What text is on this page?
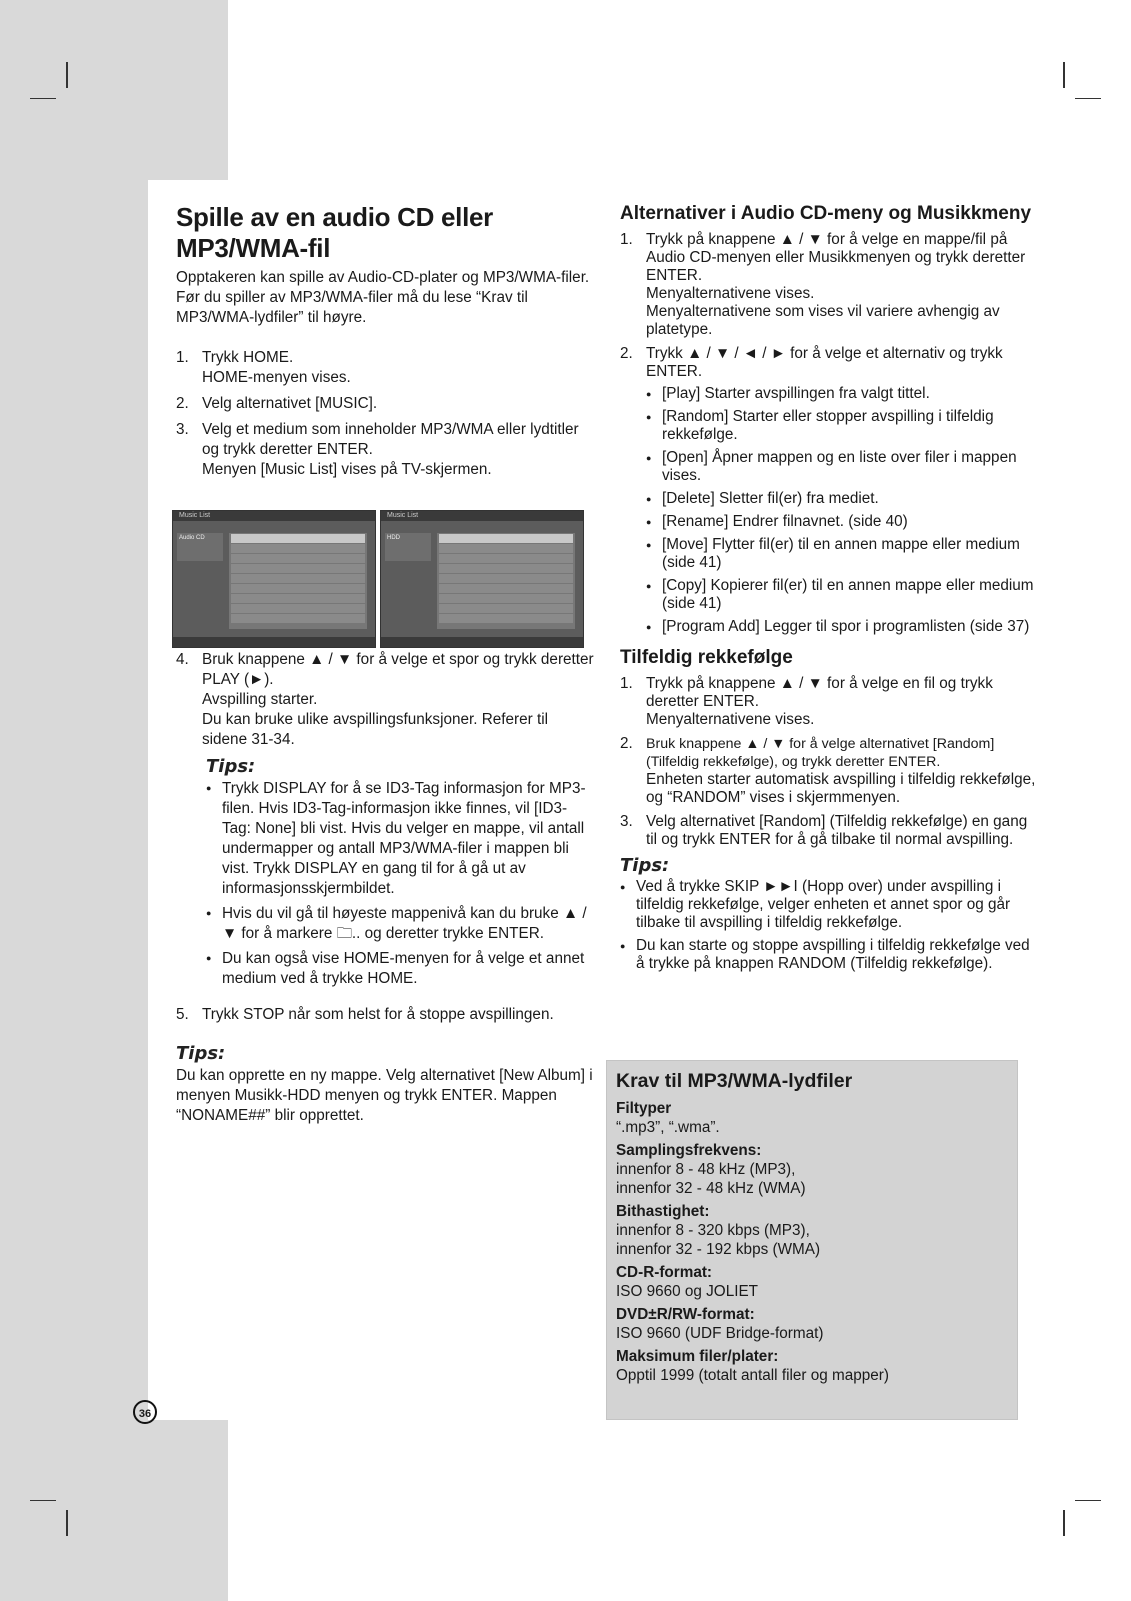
Spille av en audio CD eller MP3/WMA-fil

Opptakeren kan spille av Audio-CD-plater og MP3/WMA-filer.

Før du spiller av MP3/WMA-filer må du lese “Krav til MP3/WMA-lydfiler” til høyre.

1. Trykk HOME.
HOME-menyen vises.
2. Velg alternativet [MUSIC].
3. Velg et medium som inneholder MP3/WMA eller lydtitler og trykk deretter ENTER.
Menyen [Music List] vises på TV-skjermen.
Music List
Audio CD
Music List
HDD
4. Bruk knappene ▲ / ▼ for å velge et spor og trykk deretter PLAY (►).
Avspilling starter.
Du kan bruke ulike avspillingsfunksjoner. Referer til sidene 31-34.
Tips:
● Trykk DISPLAY for å se ID3-Tag informasjon for MP3-filen. Hvis ID3-Tag-informasjon ikke finnes, vil [ID3-Tag: None] bli vist. Hvis du velger en mappe, vil antall undermapper og antall MP3/WMA-filer i mappen bli vist. Trykk DISPLAY en gang til for å gå ut av informasjonsskjermbildet.
● Hvis du vil gå til høyeste mappenivå kan du bruke ▲ / ▼ for å markere 🗀.. og deretter trykke ENTER.
● Du kan også vise HOME-menyen for å velge et annet medium ved å trykke HOME.
5. Trykk STOP når som helst for å stoppe avspillingen.
Tips:

Du kan opprette en ny mappe. Velg alternativet [New Album] i menyen Musikk-HDD menyen og trykk ENTER. Mappen “NONAME##” blir opprettet.

Alternativer i Audio CD-meny og Musikkmeny
1. Trykk på knappene ▲ / ▼ for å velge en mappe/fil på Audio CD-menyen eller Musikkmenyen og trykk deretter ENTER.
Menyalternativene vises.
Menyalternativene som vises vil variere avhengig av platetype.
2. Trykk ▲ / ▼ / ◄ / ► for å velge et alternativ og trykk ENTER.
● [Play] Starter avspillingen fra valgt tittel.
● [Random] Starter eller stopper avspilling i tilfeldig rekkefølge.
● [Open] Åpner mappen og en liste over filer i mappen vises.
● [Delete] Sletter fil(er) fra mediet.
● [Rename] Endrer filnavnet. (side 40)
● [Move] Flytter fil(er) til en annen mappe eller medium (side 41)
● [Copy] Kopierer fil(er) til en annen mappe eller medium (side 41)
● [Program Add] Legger til spor i programlisten (side 37)
Tilfeldig rekkefølge
1. Trykk på knappene ▲ / ▼ for å velge en fil og trykk deretter ENTER.
Menyalternativene vises.
2. Bruk knappene ▲ / ▼ for å velge alternativet [Random] (Tilfeldig rekkefølge), og trykk deretter ENTER.
Enheten starter automatisk avspilling i tilfeldig rekkefølge, og “RANDOM” vises i skjermmenyen.
3. Velg alternativet [Random] (Tilfeldig rekkefølge) en gang til og trykk ENTER for å gå tilbake til normal avspilling.
Tips:
● Ved å trykke SKIP ►►I (Hopp over) under avspilling i tilfeldig rekkefølge, velger enheten et annet spor og går tilbake til avspilling i tilfeldig rekkefølge.
● Du kan starte og stoppe avspilling i tilfeldig rekkefølge ved å trykke på knappen RANDOM (Tilfeldig rekkefølge).
Krav til MP3/WMA-lydfiler
Filtyper
“.mp3”, “.wma”.
Samplingsfrekvens:
innenfor 8 - 48 kHz (MP3),
innenfor 32 - 48 kHz (WMA)
Bithastighet:
innenfor 8 - 320 kbps (MP3),
innenfor 32 - 192 kbps (WMA)
CD-R-format:
ISO 9660 og JOLIET
DVD±R/RW-format:
ISO 9660 (UDF Bridge-format)
Maksimum filer/plater:
Opptil 1999 (totalt antall filer og mapper)
36
